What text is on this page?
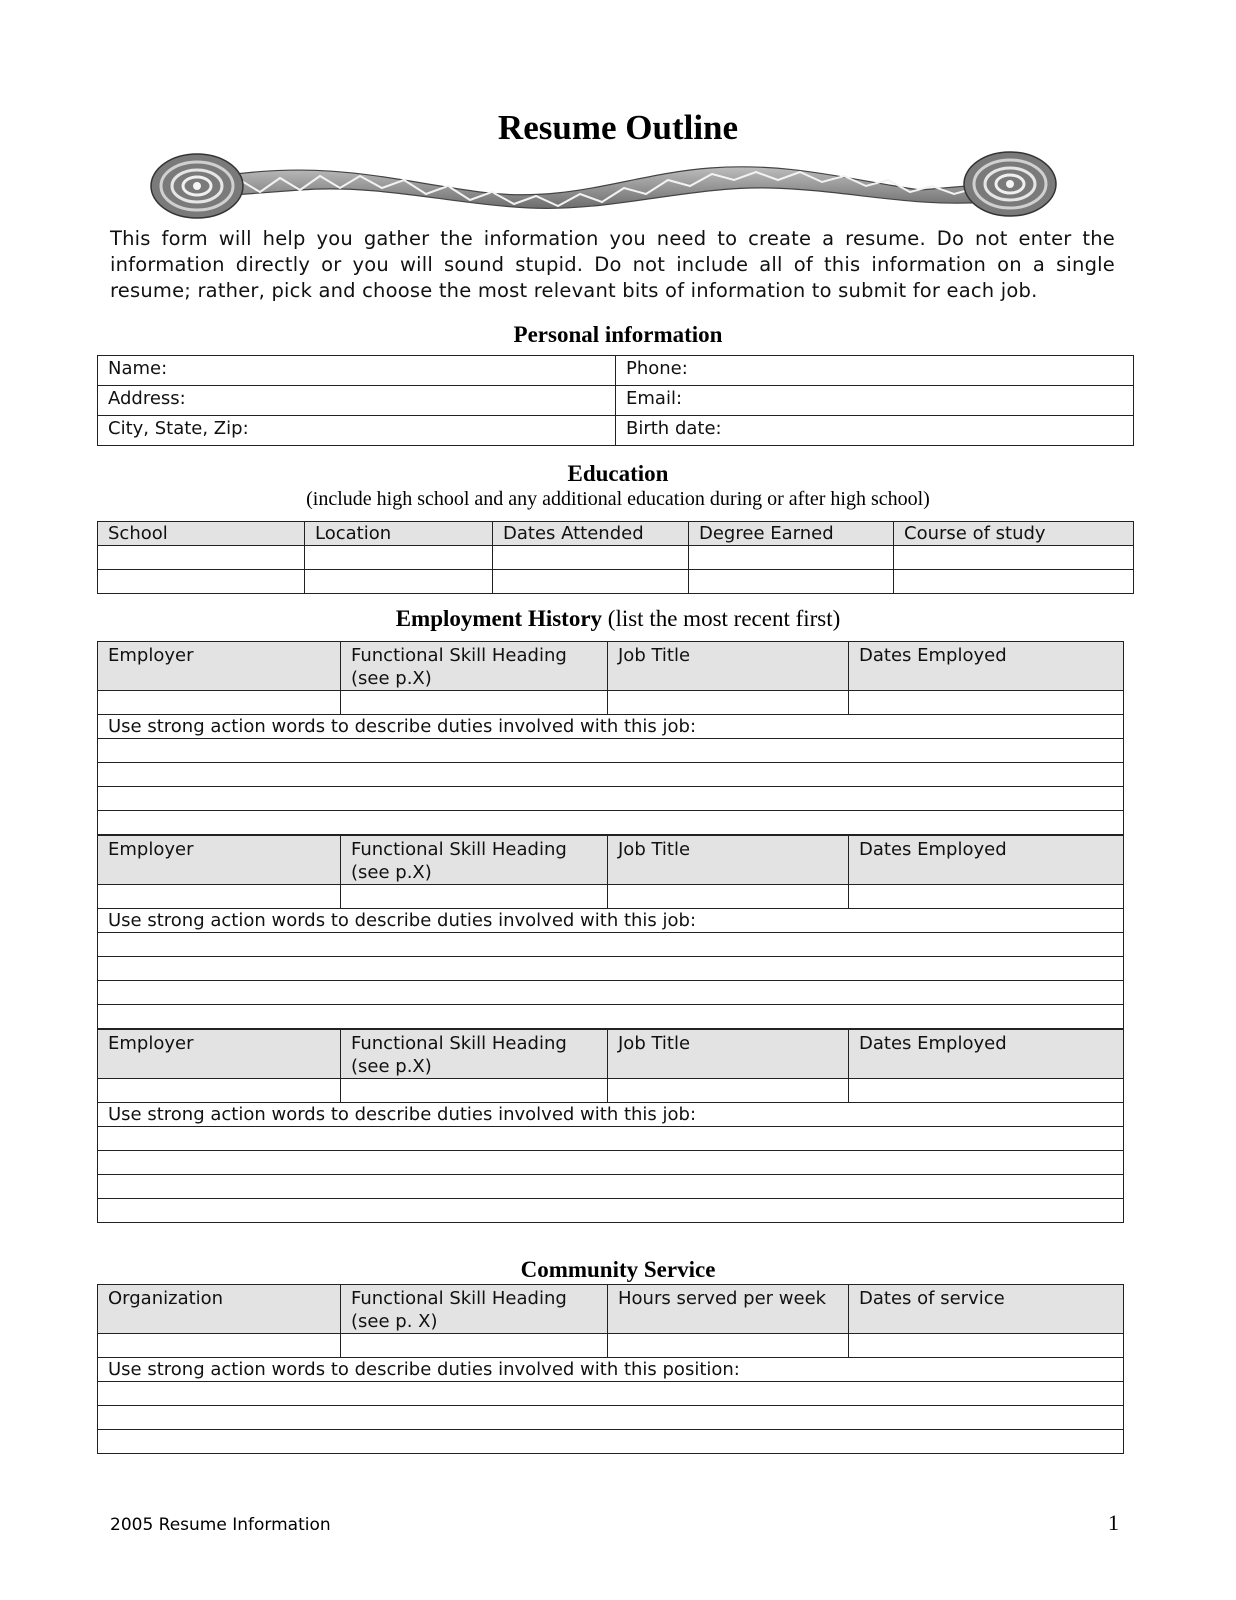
Resume Outline
This form will help you gather the information you need to create a resume. Do not enter the information directly or you will sound stupid. Do not include all of this information on a single resume; rather, pick and choose the most relevant bits of information to submit for each job.
Personal information
Name:	Phone:
Address:	Email:
City, State, Zip:	Birth date:
Education
(include high school and any additional education during or after high school)
School	Location	Dates Attended	Degree Earned	Course of study

Employment History (list the most recent first)
Employer	Functional Skill Heading (see p.X)	Job Title	Dates Employed

Use strong action words to describe duties involved with this job:			

Employer	Functional Skill Heading (see p.X)	Job Title	Dates Employed

Use strong action words to describe duties involved with this job:			

Employer	Functional Skill Heading (see p.X)	Job Title	Dates Employed

Use strong action words to describe duties involved with this job:			

Community Service
Organization	Functional Skill Heading (see p. X)	Hours served per week	Dates of service

Use strong action words to describe duties involved with this position:			

2005 Resume Information	1
